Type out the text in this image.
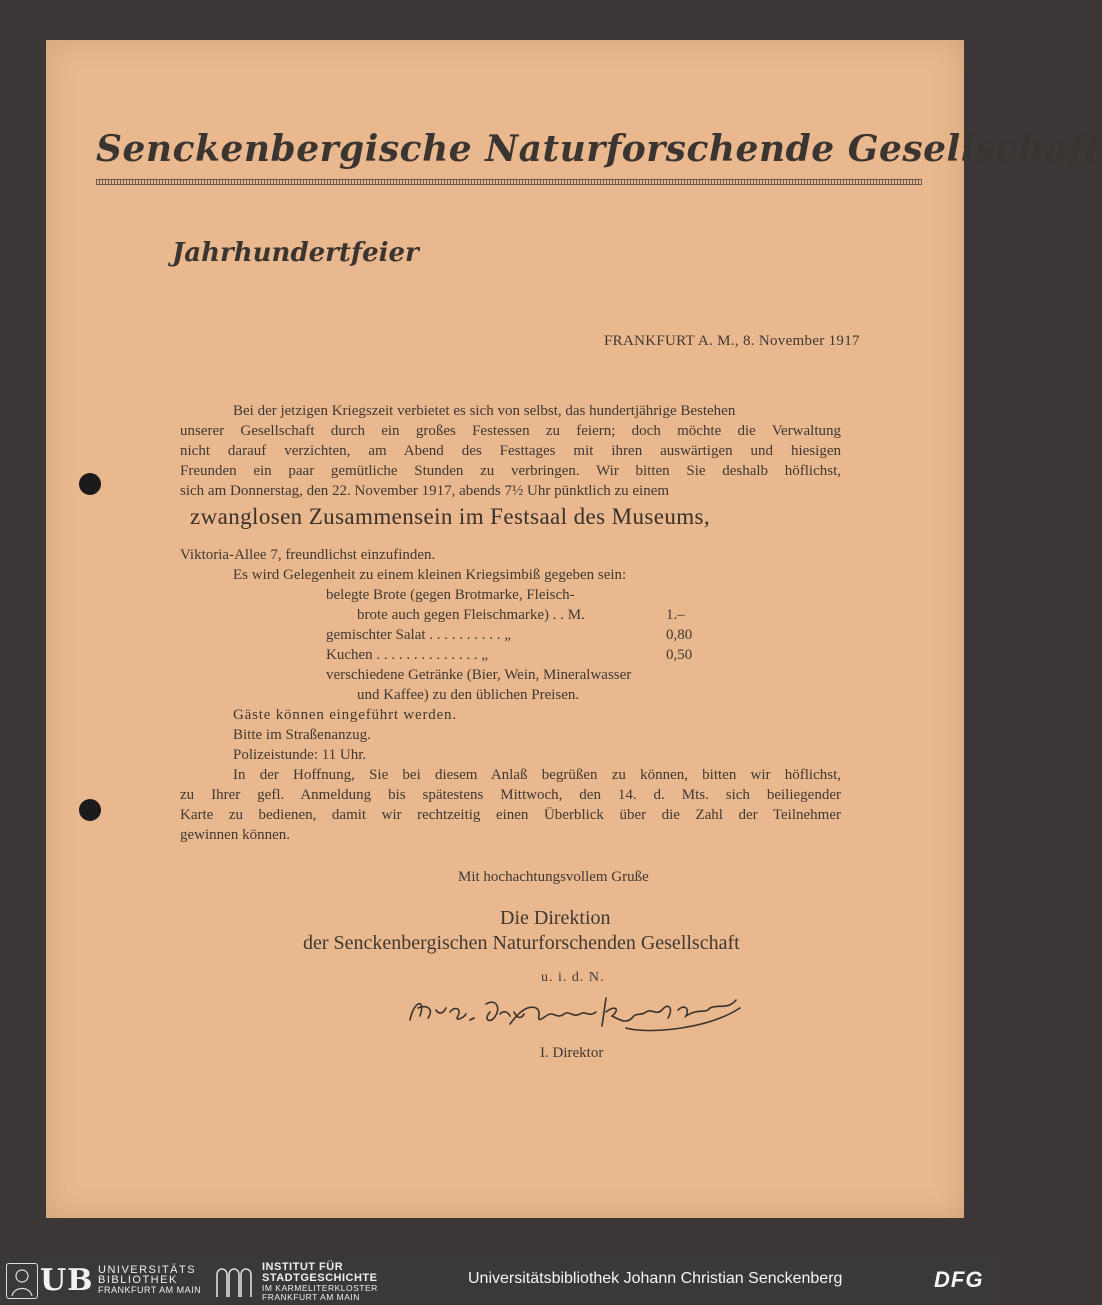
Senckenbergische Naturforschende Gesellschaft
Jahrhundertfeier
FRANKFURT A. M., 8. November 1917
Bei der jetzigen Kriegszeit verbietet es sich von selbst, das hundertjährige Bestehen
unserer Gesellschaft durch ein großes Festessen zu feiern; doch möchte die Verwaltung
nicht darauf verzichten, am Abend des Festtages mit ihren auswärtigen und hiesigen
Freunden ein paar gemütliche Stunden zu verbringen. Wir bitten Sie deshalb höflichst,
sich am Donnerstag, den 22. November 1917, abends 7½ Uhr pünktlich zu einem
zwanglosen Zusammensein im Festsaal des Museums,
Viktoria-Allee 7, freundlichst einzufinden.
Es wird Gelegenheit zu einem kleinen Kriegsimbiß gegeben sein:
belegte Brote (gegen Brotmarke, Fleisch-
brote auch gegen Fleischmarke) . . M.	1.–
gemischter Salat . . . . . . . . . . „	0,80
Kuchen . . . . . . . . . . . . . . „	0,50
verschiedene Getränke (Bier, Wein, Mineralwasser
und Kaffee) zu den üblichen Preisen.
Gäste können eingeführt werden.
Bitte im Straßenanzug.
Polizeistunde: 11 Uhr.
In der Hoffnung, Sie bei diesem Anlaß begrüßen zu können, bitten wir höflichst,
zu Ihrer gefl. Anmeldung bis spätestens Mittwoch, den 14. d. Mts. sich beiliegender
Karte zu bedienen, damit wir rechtzeitig einen Überblick über die Zahl der Teilnehmer
gewinnen können.
Mit hochachtungsvollem Gruße
Die Direktion
der Senckenbergischen Naturforschenden Gesellschaft
u. i. d. N.
I. Direktor
UB UNIVERSITÄTS
BIBLIOTHEK
FRANKFURT AM MAIN
INSTITUT FÜR
STADTGESCHICHTE
IM KARMELITERKLOSTER
FRANKFURT AM MAIN
Universitätsbibliothek Johann Christian Senckenberg	DFG
